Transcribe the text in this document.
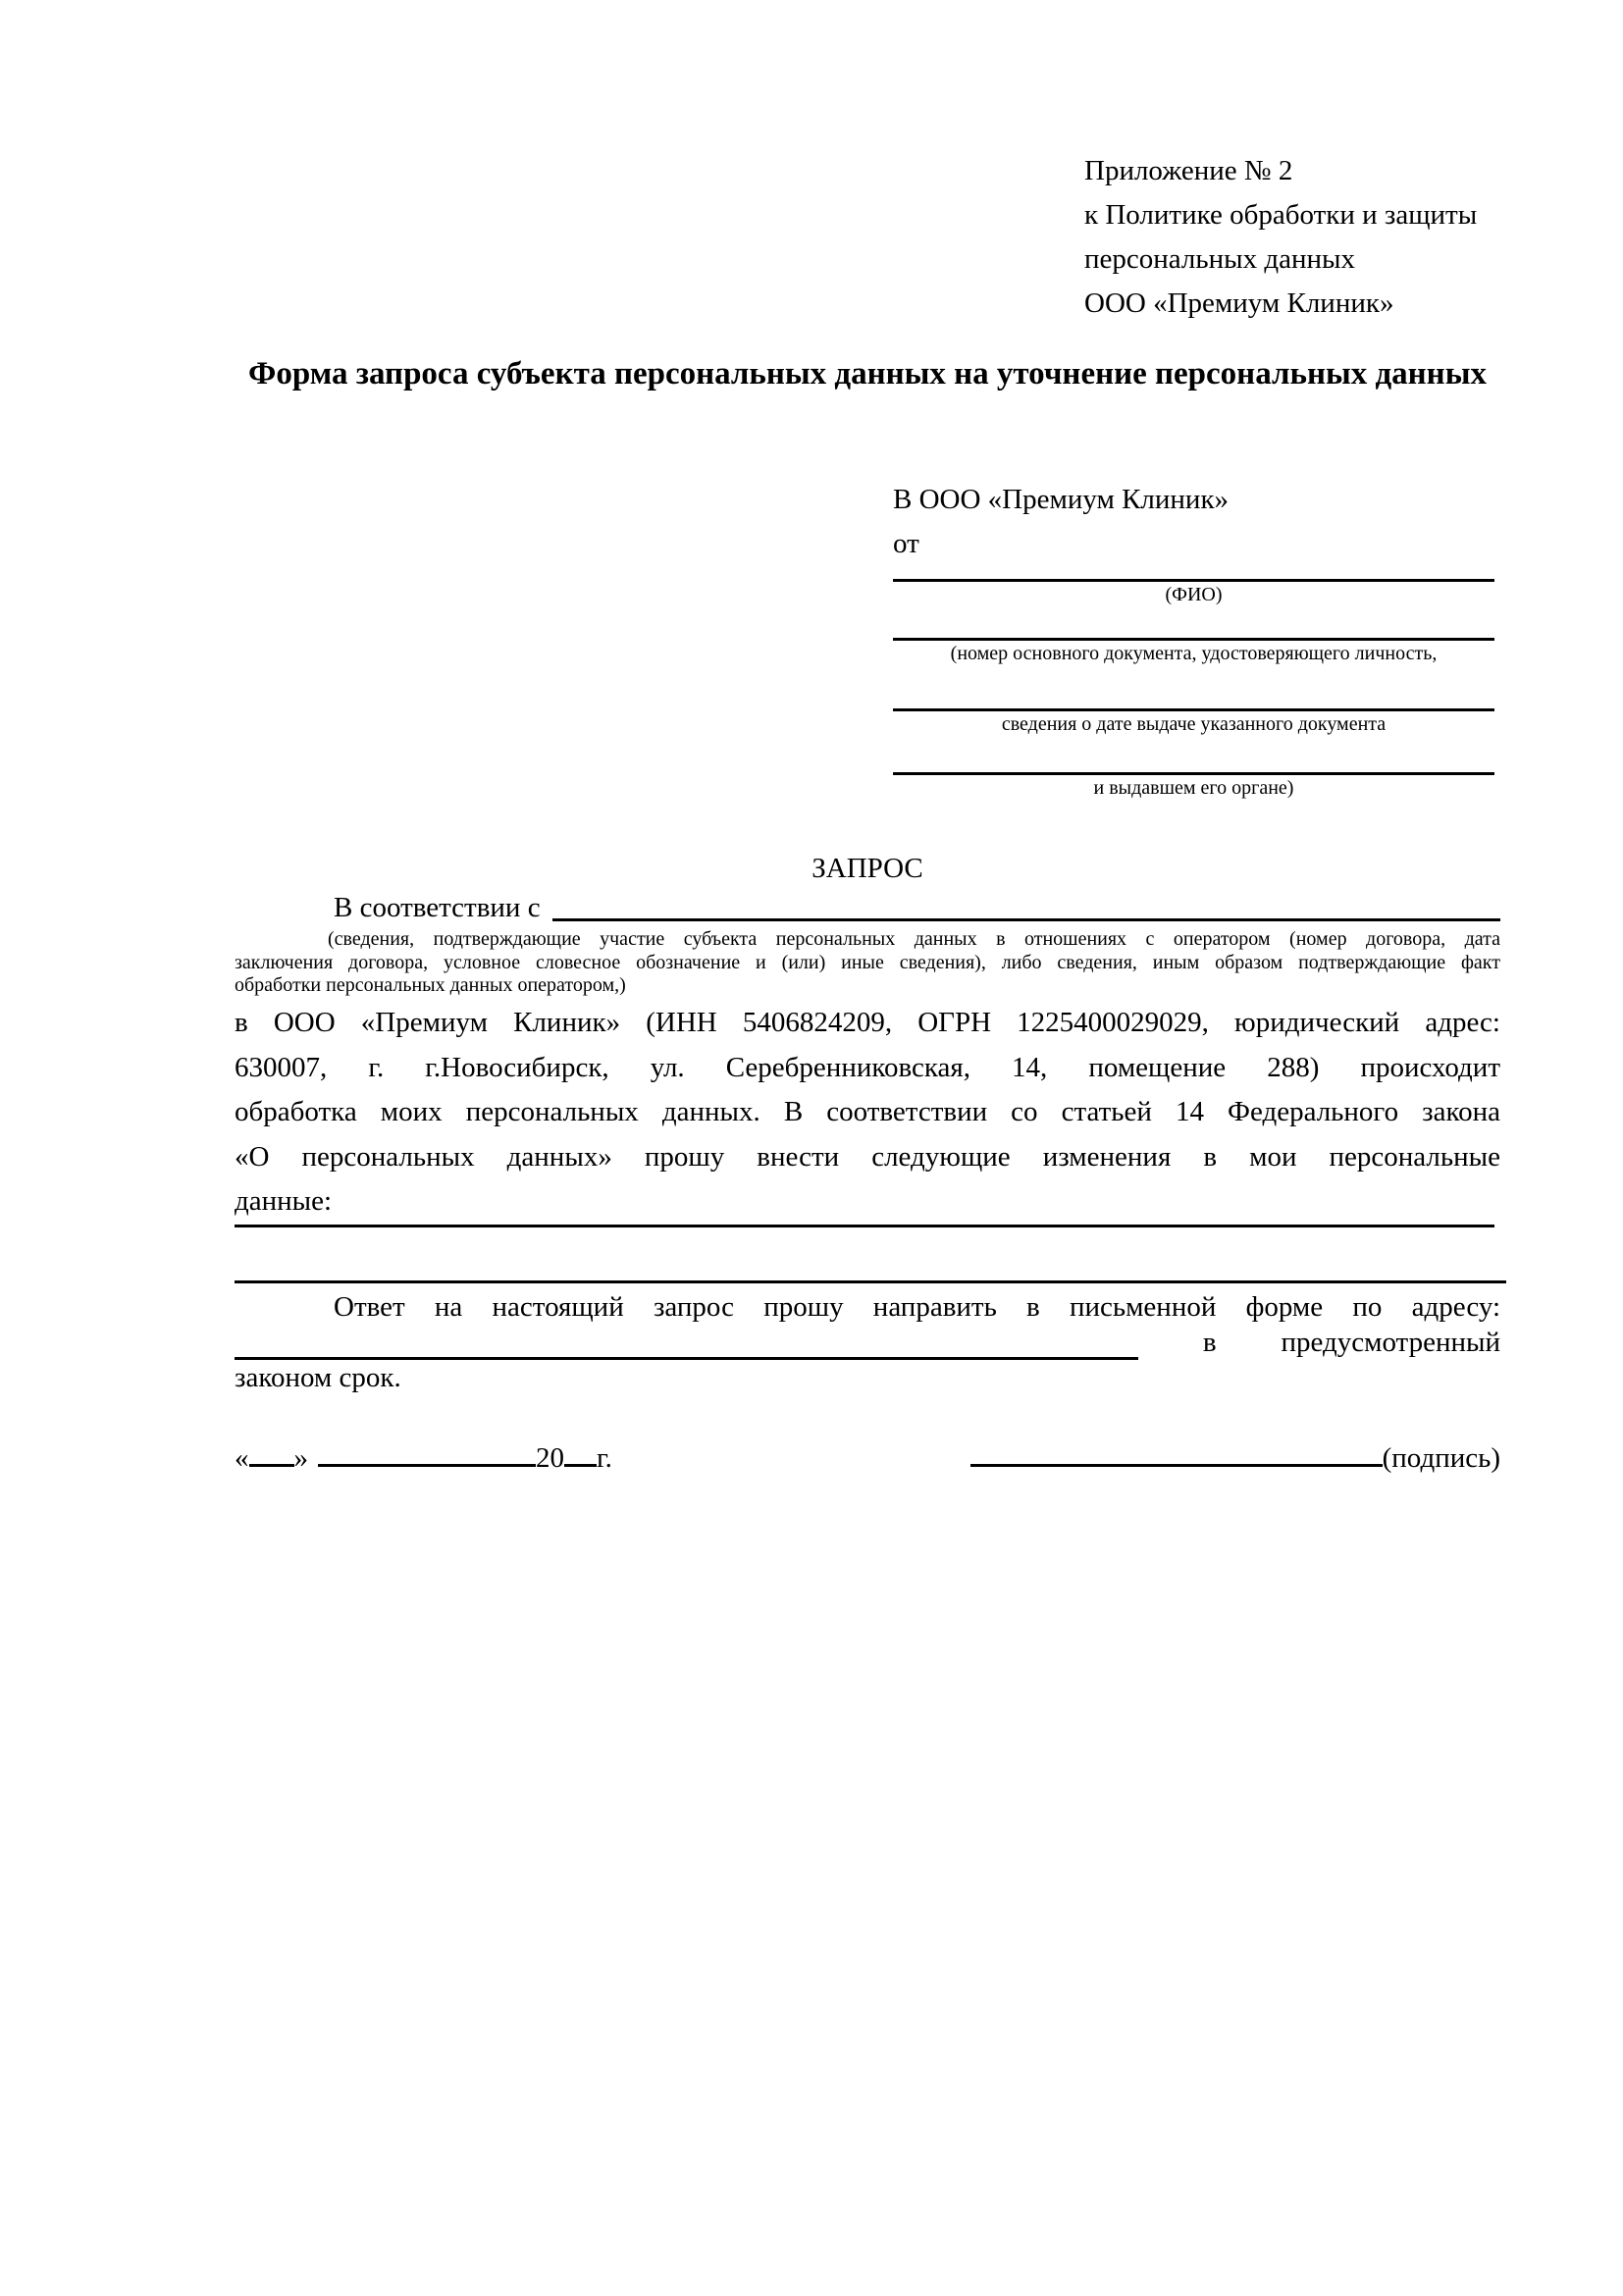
Приложение № 2
к Политике обработки и защиты
персональных данных
ООО «Премиум Клиник»
Форма запроса субъекта персональных данных на уточнение персональных данных
В ООО «Премиум Клиник»
от
(ФИО)
(номер основного документа, удостоверяющего личность,
сведения о дате выдаче указанного документа
и выдавшем его органе)
ЗАПРОС
В соответствии с
(сведения, подтверждающие участие субъекта персональных данных в отношениях с оператором (номер договора, дата
заключения договора, условное словесное обозначение и (или) иные сведения), либо сведения, иным образом подтверждающие факт
обработки персональных данных оператором,)
в ООО «Премиум Клиник» (ИНН 5406824209, ОГРН 1225400029029, юридический адрес:
630007, г. г.Новосибирск, ул. Серебренниковская, 14, помещение 288) происходит
обработка моих персональных данных. В соответствии со статьей 14 Федерального закона
«О персональных данных» прошу внести следующие изменения в мои персональные
данные:
Ответ на настоящий запрос прошу направить в письменной форме по адресу:
в предусмотренный
законом срок.
« »	20 г.	(подпись)
